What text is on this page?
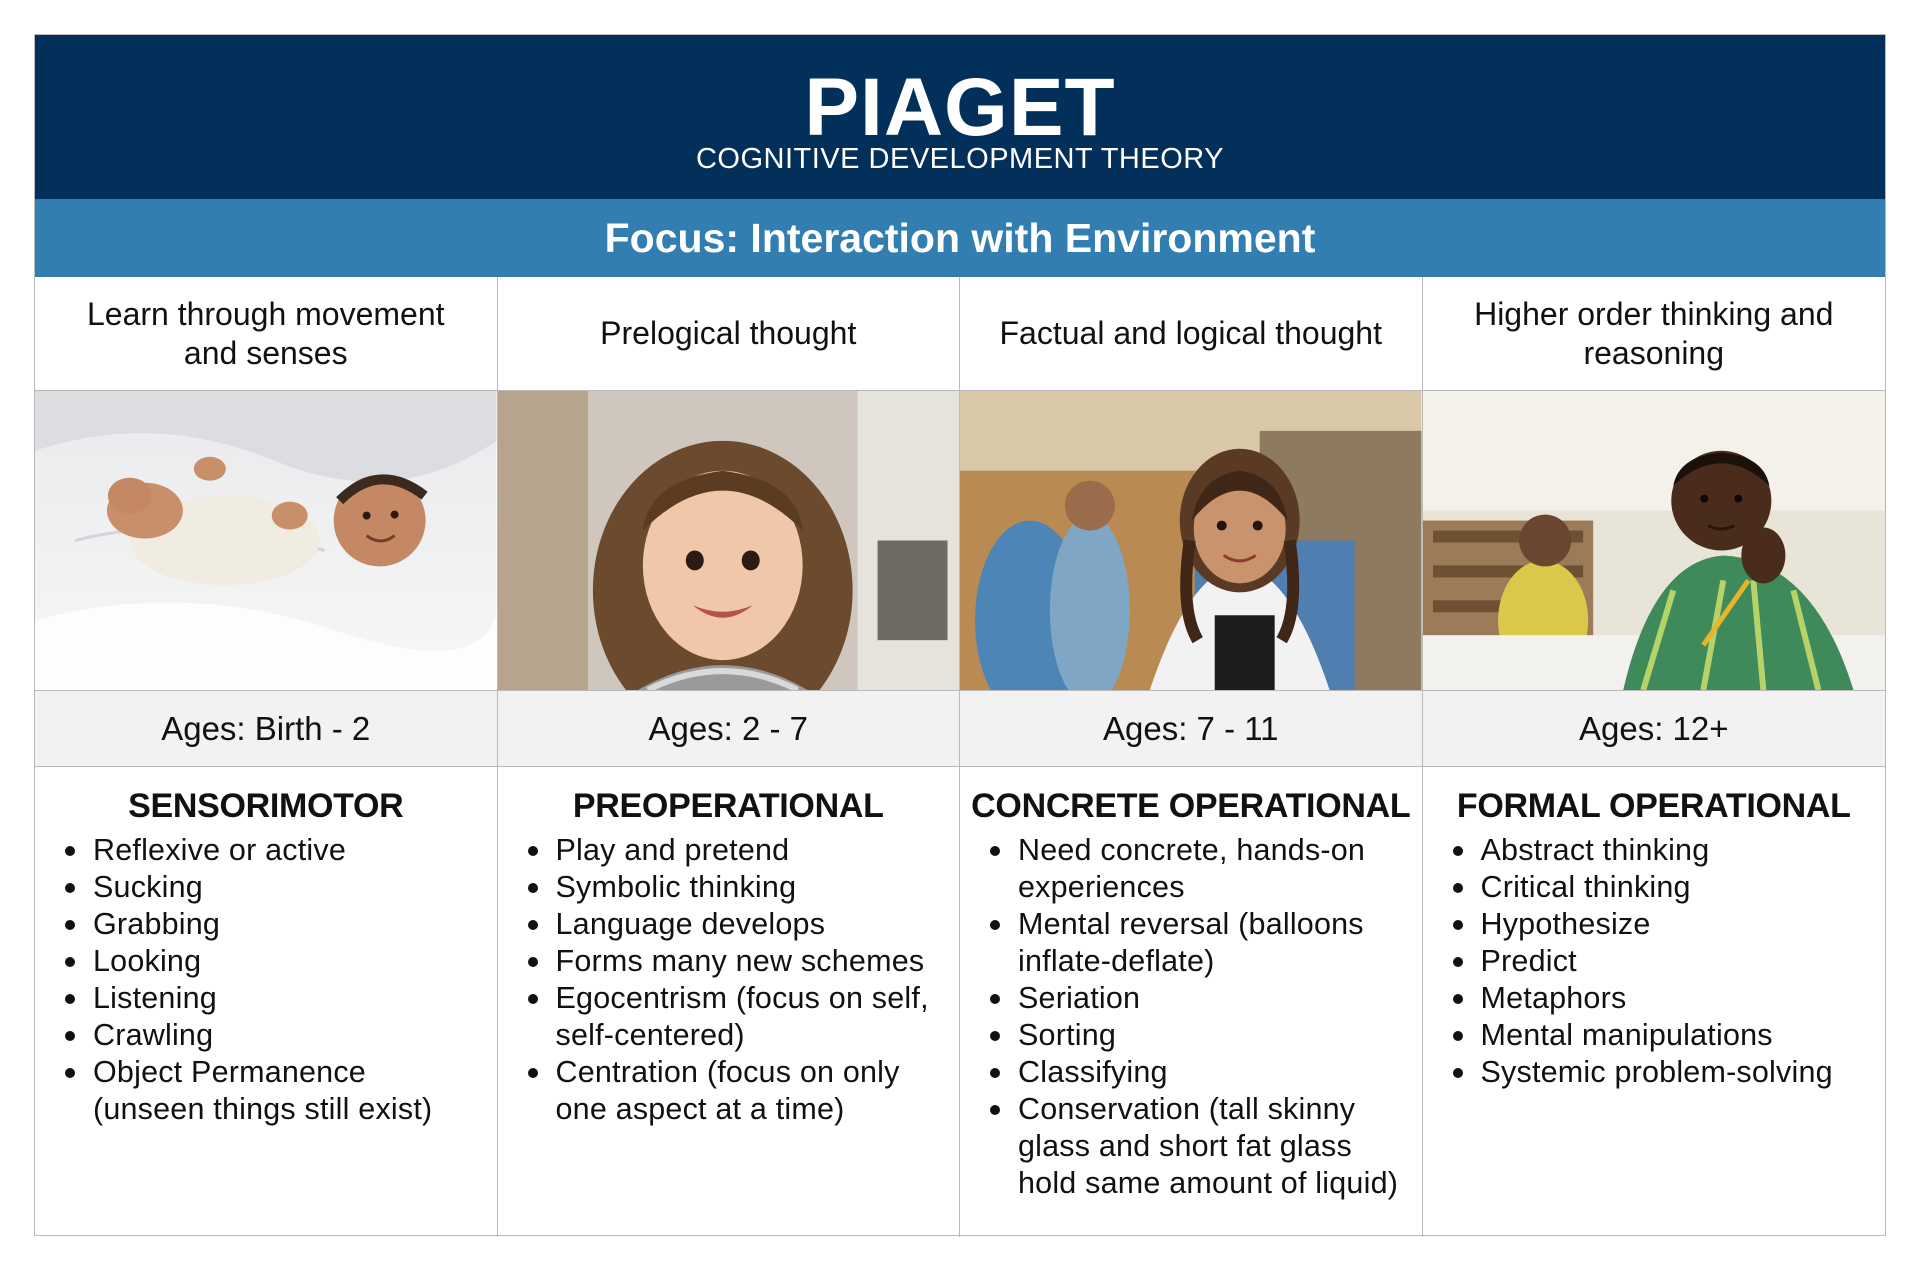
PIAGET
COGNITIVE DEVELOPMENT THEORY
Focus: Interaction with Environment
Learn through movement and senses
Ages: Birth - 2
SENSORIMOTOR
Reflexive or active
Sucking
Grabbing
Looking
Listening
Crawling
Object Permanence (unseen things still exist)
Prelogical thought
Ages: 2 - 7
PREOPERATIONAL
Play and pretend
Symbolic thinking
Language develops
Forms many new schemes
Egocentrism (focus on self, self-centered)
Centration (focus on only one aspect at a time)
Factual and logical thought
Ages: 7 - 11
CONCRETE OPERATIONAL
Need concrete, hands-on experiences
Mental reversal (balloons inflate-deflate)
Seriation
Sorting
Classifying
Conservation (tall skinny glass and short fat glass hold same amount of liquid)
Higher order thinking and reasoning
Ages: 12+
FORMAL OPERATIONAL
Abstract thinking
Critical thinking
Hypothesize
Predict
Metaphors
Mental manipulations
Systemic problem-solving
